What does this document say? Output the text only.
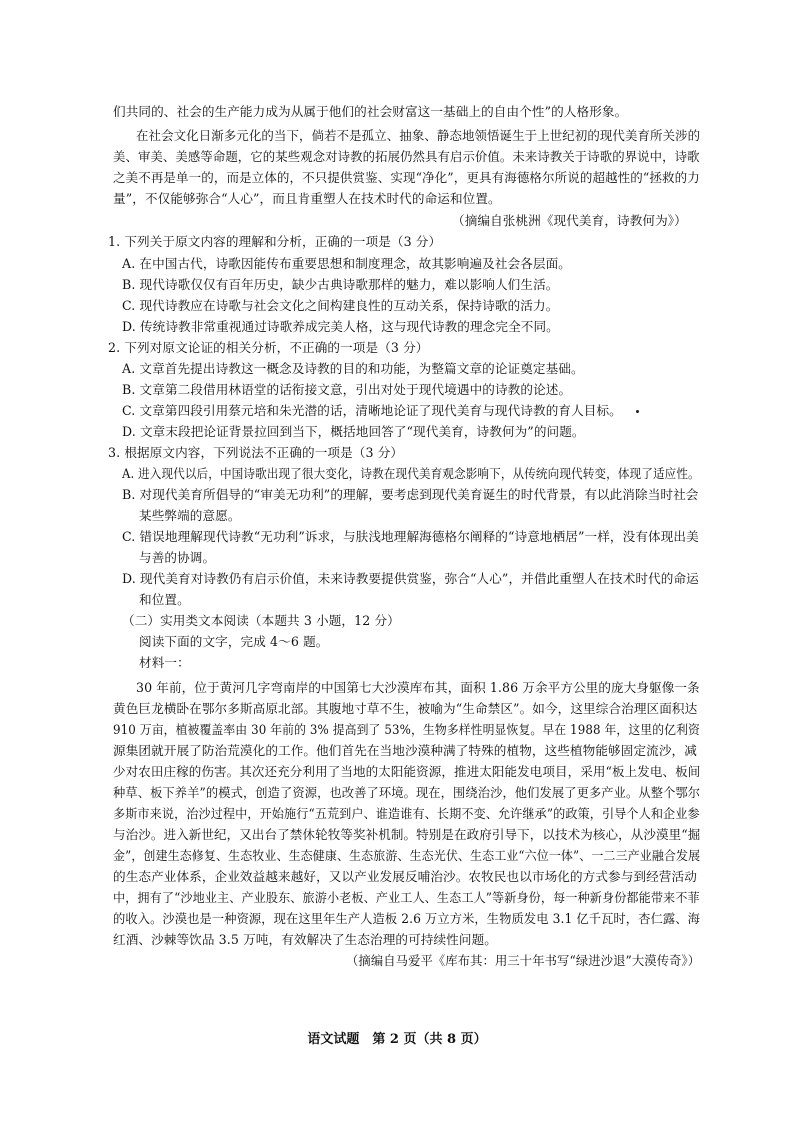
语文试题　第 2 页（共 8 页）
们共同的、社会的生产能力成为从属于他们的社会财富这一基础上的自由个性”的人格形象。
在社会文化日渐多元化的当下，倘若不是孤立、抽象、静态地领悟诞生于上世纪初的现代美育所关涉的
美、审美、美感等命题，它的某些观念对诗教的拓展仍然具有启示价值。未来诗教关于诗歌的界说中，诗歌
之美不再是单一的，而是立体的，不只提供赏鉴、实现“净化”，更具有海德格尔所说的超越性的“拯救的力
量”，不仅能够弥合“人心”，而且肯重塑人在技术时代的命运和位置。
（摘编自张桃洲《现代美育，诗教何为》）
1. 下列关于原文内容的理解和分析，正确的一项是（3 分）
A. 在中国古代，诗歌因能传布重要思想和制度理念，故其影响遍及社会各层面。
B. 现代诗歌仅仅有百年历史，缺少古典诗歌那样的魅力，难以影响人们生活。
C. 现代诗教应在诗歌与社会文化之间构建良性的互动关系，保持诗歌的活力。
D. 传统诗教非常重视通过诗歌养成完美人格，这与现代诗教的理念完全不同。
2. 下列对原文论证的相关分析，不正确的一项是（3 分）
A. 文章首先提出诗教这一概念及诗教的目的和功能，为整篇文章的论证奠定基础。
B. 文章第二段借用林语堂的话衔接文意，引出对处于现代境遇中的诗教的论述。
C. 文章第四段引用蔡元培和朱光潜的话，清晰地论证了现代美育与现代诗教的育人目标。
D. 文章末段把论证背景拉回到当下，概括地回答了“现代美育，诗教何为”的问题。
3. 根据原文内容，下列说法不正确的一项是（3 分）
A. 进入现代以后，中国诗歌出现了很大变化，诗教在现代美育观念影响下，从传统向现代转变，体现了适应性。
B. 对现代美育所倡导的“审美无功利”的理解，要考虑到现代美育诞生的时代背景，有以此消除当时社会
某些弊端的意愿。
C. 错误地理解现代诗教“无功利”诉求，与肤浅地理解海德格尔阐释的“诗意地栖居”一样，没有体现出美
与善的协调。
D. 现代美育对诗教仍有启示价值，未来诗教要提供赏鉴，弥合“人心”，并借此重塑人在技术时代的命运
和位置。
（二）实用类文本阅读（本题共 3 小题，12 分）
阅读下面的文字，完成 4～6 题。
材料一：
30 年前，位于黄河几字弯南岸的中国第七大沙漠库布其，面积 1.86 万余平方公里的庞大身躯像一条
黄色巨龙横卧在鄂尔多斯高原北部。其腹地寸草不生，被喻为“生命禁区”。如今，这里综合治理区面积达
910 万亩，植被覆盖率由 30 年前的 3% 提高到了 53%，生物多样性明显恢复。早在 1988 年，这里的亿利资
源集团就开展了防治荒漠化的工作。他们首先在当地沙漠种满了特殊的植物，这些植物能够固定流沙，减
少对农田庄稼的伤害。其次还充分利用了当地的太阳能资源，推进太阳能发电项目，采用“板上发电、板间
种草、板下养羊”的模式，创造了资源，也改善了环境。现在，围绕治沙，他们发展了更多产业。从整个鄂尔
多斯市来说，治沙过程中，开始施行“五荒到户、谁造谁有、长期不变、允许继承”的政策，引导个人和企业参
与治沙。进入新世纪，又出台了禁休轮牧等奖补机制。特别是在政府引导下，以技术为核心，从沙漠里“掘
金”，创建生态修复、生态牧业、生态健康、生态旅游、生态光伏、生态工业“六位一体”、一二三产业融合发展
的生态产业体系，企业效益越来越好，又以产业发展反哺治沙。农牧民也以市场化的方式参与到经营活动
中，拥有了“沙地业主、产业股东、旅游小老板、产业工人、生态工人”等新身份，每一种新身份都能带来不菲
的收入。沙漠也是一种资源，现在这里年生产人造板 2.6 万立方米，生物质发电 3.1 亿千瓦时，杏仁露、海
红酒、沙棘等饮品 3.5 万吨，有效解决了生态治理的可持续性问题。
（摘编自马爱平《库布其：用三十年书写“绿进沙退”大漠传奇》）
